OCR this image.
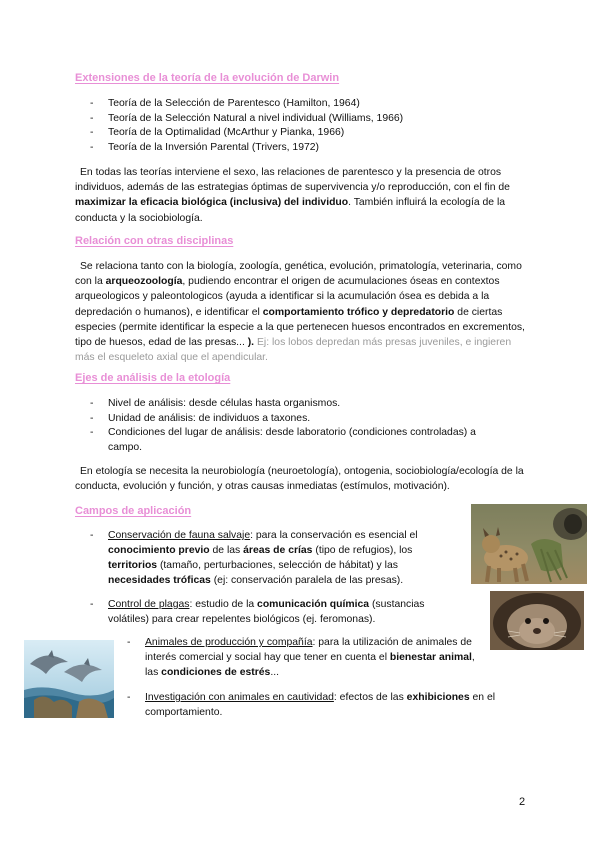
Extensiones de la teoría de la evolución de Darwin
- Teoría de la Selección de Parentesco (Hamilton, 1964)
- Teoría de la Selección Natural a nivel individual (Williams, 1966)
- Teoría de la Optimalidad (McArthur y Pianka, 1966)
- Teoría de la Inversión Parental (Trivers, 1972)
En todas las teorías interviene el sexo, las relaciones de parentesco y la presencia de otros individuos, además de las estrategias óptimas de supervivencia y/o reproducción, con el fin de maximizar la eficacia biológica (inclusiva) del individuo. También influirá la ecología de la conducta y la sociobiología.
Relación con otras disciplinas
Se relaciona tanto con la biología, zoología, genética, evolución, primatología, veterinaria, como con la arqueozoología, pudiendo encontrar el origen de acumulaciones óseas en contextos arqueologicos y paleontologicos (ayuda a identificar si la acumulación ósea es debida a la depredación o humanos), e identificar el comportamiento trófico y depredatorio de ciertas especies (permite identificar la especie a la que pertenecen huesos encontrados en excrementos, tipo de huesos, edad de las presas... ). Ej: los lobos depredan más presas juveniles, e ingieren más el esqueleto axial que el apendicular.
Ejes de análisis de la etología
- Nivel de análisis: desde células hasta organismos.
- Unidad de análisis: de individuos a taxones.
- Condiciones del lugar de análisis: desde laboratorio (condiciones controladas) a campo.
En etología se necesita la neurobiología (neuroetología), ontogenia, sociobiología/ecología de la conducta, evolución y función, y otras causas inmediatas (estímulos, motivación).
Campos de aplicación
- Conservación de fauna salvaje: para la conservación es esencial el conocimiento previo de las áreas de crías (tipo de refugios), los territorios (tamaño, perturbaciones, selección de hábitat) y las necesidades tróficas (ej: conservación paralela de las presas).
- Control de plagas: estudio de la comunicación química (sustancias volátiles) para crear repelentes biológicos (ej. feromonas).
- Animales de producción y compañía: para la utilización de animales de interés comercial y social hay que tener en cuenta el bienestar animal, las condiciones de estrés...
- Investigación con animales en cautividad: efectos de las exhibiciones en el comportamiento.
2
